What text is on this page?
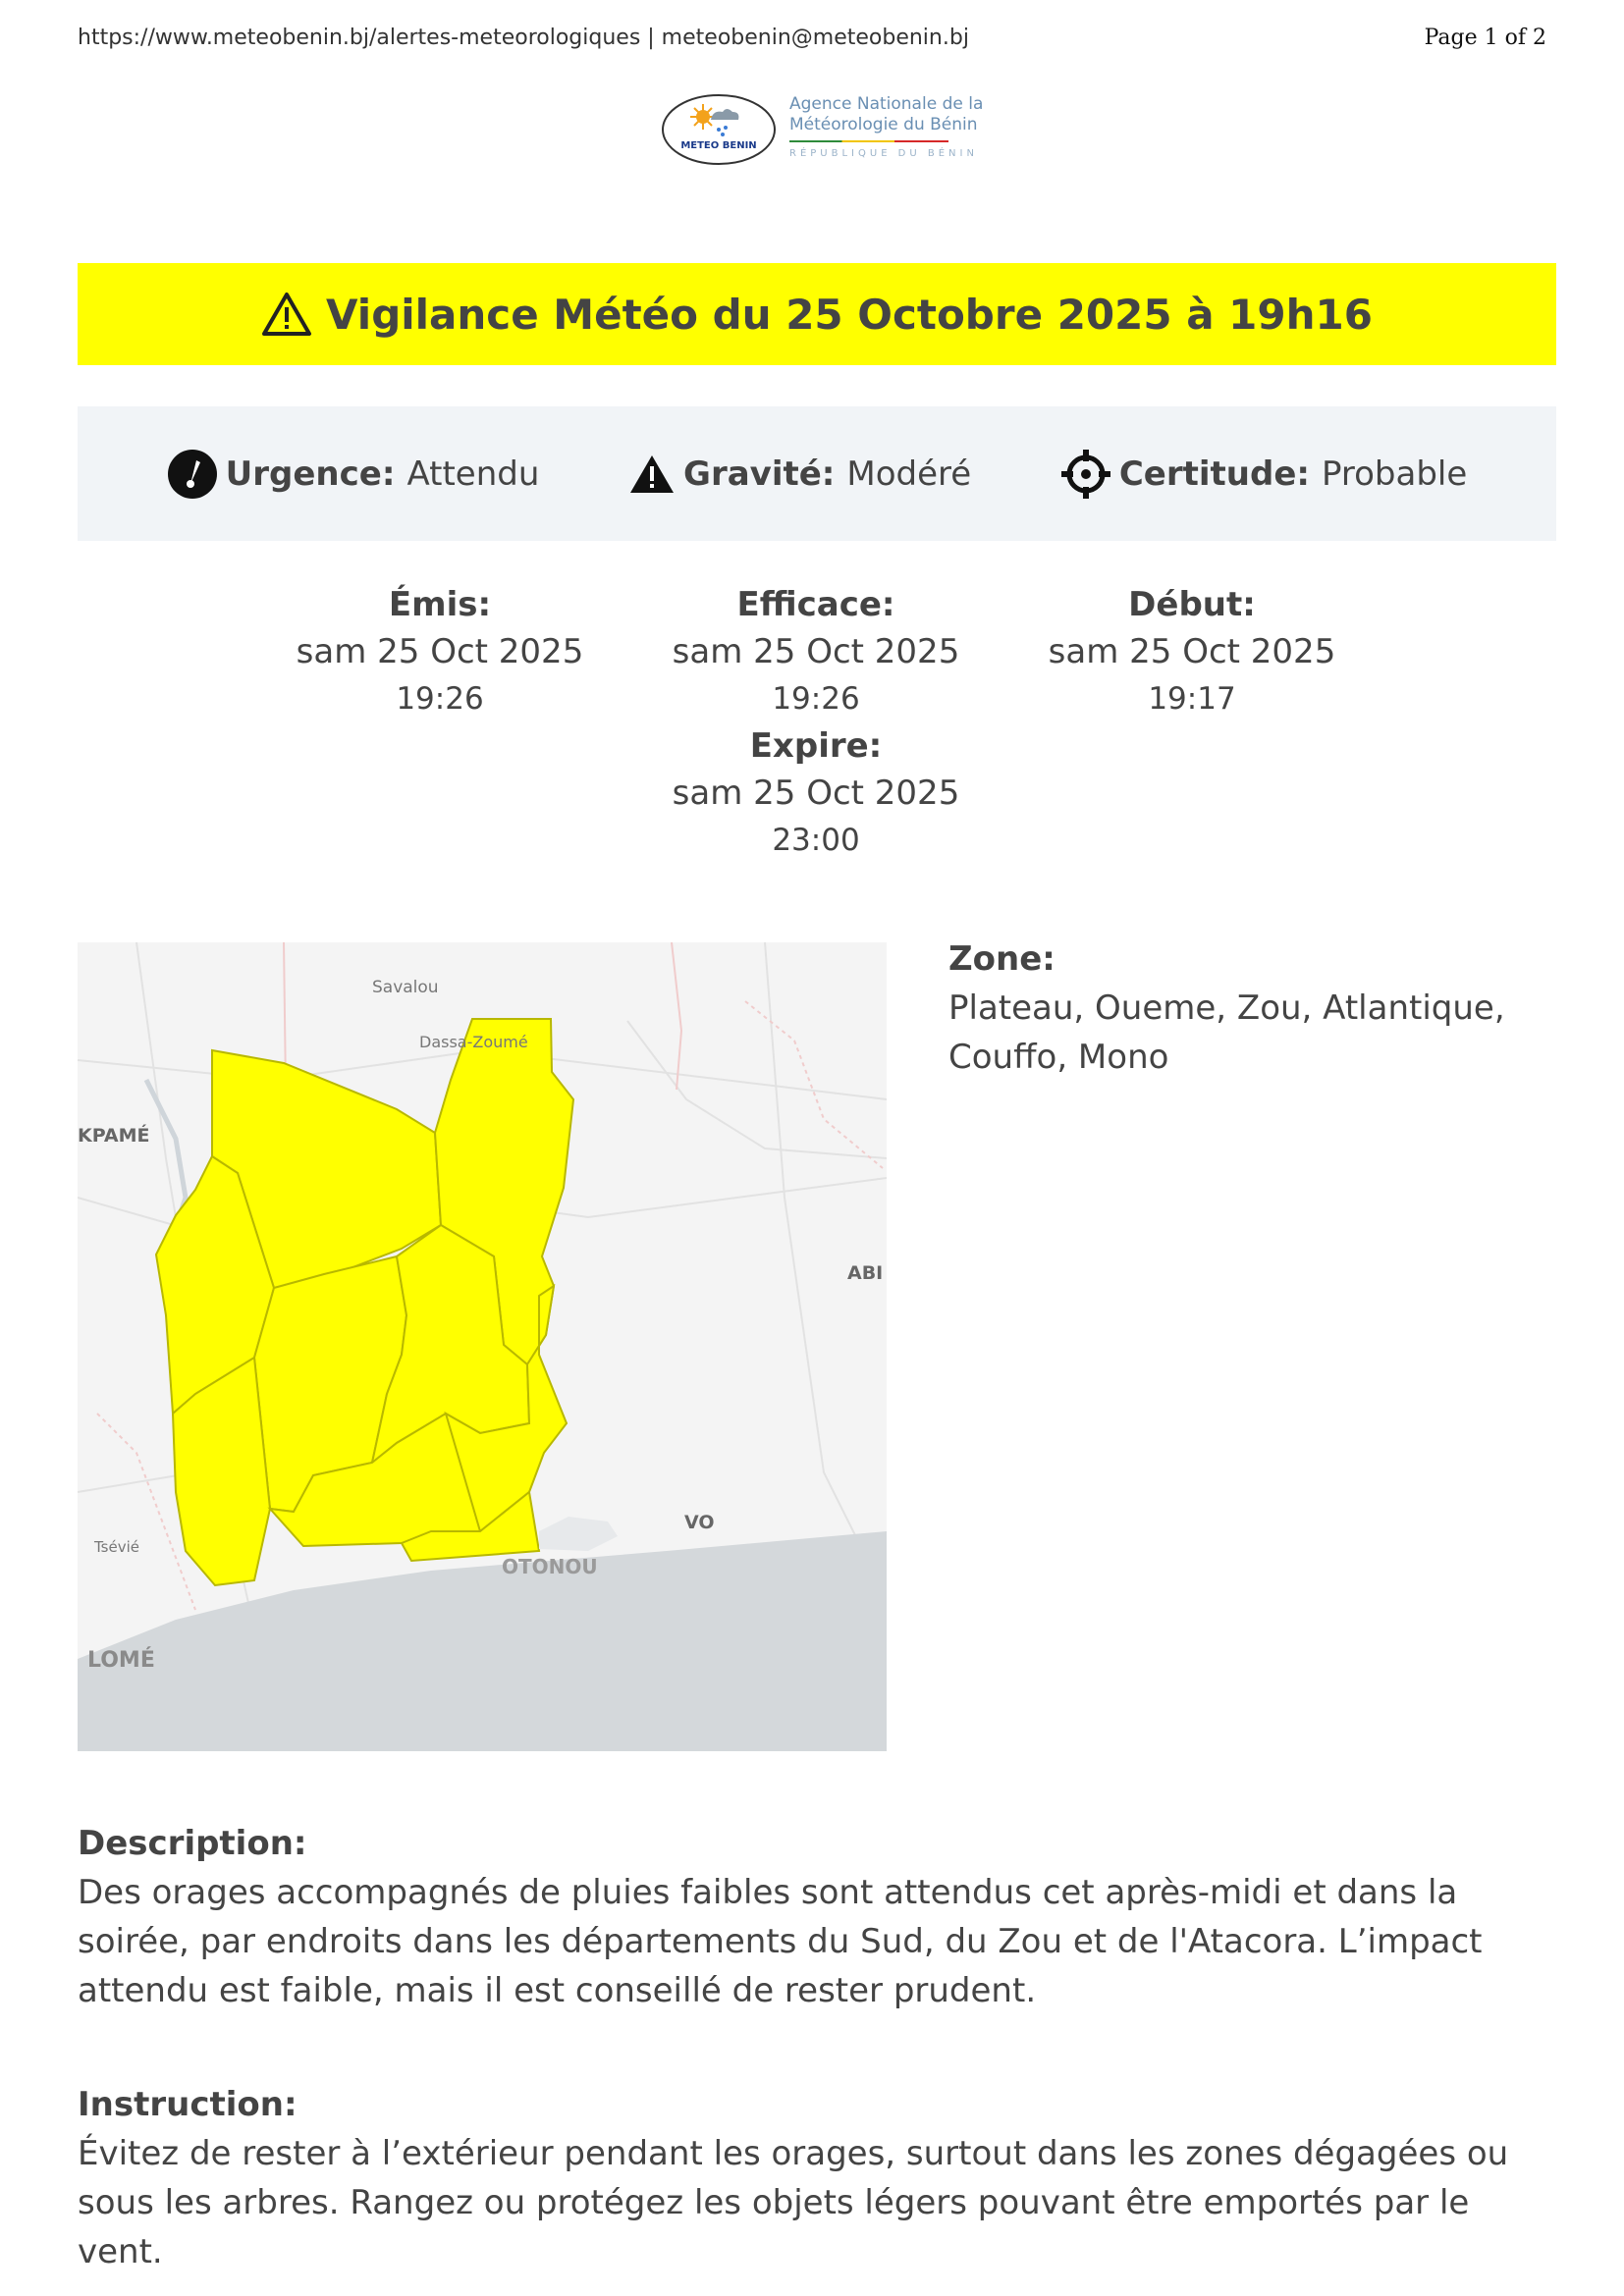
https://www.meteobenin.bj/alertes-meteorologiques | meteobenin@meteobenin.bj	Page 1 of 2
METEO BENIN
Agence Nationale de la
Météorologie du Bénin
RÉPUBLIQUE DU BÉNIN
Vigilance Météo du 25 Octobre 2025 à 19h16
Urgence: Attendu	Gravité: Modéré	Certitude: Probable
Émis:
sam 25 Oct 2025
19:26
Efficace:
sam 25 Oct 2025
19:26
Expire:
sam 25 Oct 2025
23:00
Début:
sam 25 Oct 2025
19:17
Savalou
Dassa-Zoumé
KPAMÉ
ABI
VO
Tsévié
LOMÉ
OTONOU
Zone:
Plateau, Oueme, Zou, Atlantique, Couffo, Mono
Description:
Des orages accompagnés de pluies faibles sont attendus cet après-midi et dans la soirée, par endroits dans les départements du Sud, du Zou et de l'Atacora. L’impact attendu est faible, mais il est conseillé de rester prudent.
Instruction:
Évitez de rester à l’extérieur pendant les orages, surtout dans les zones dégagées ou sous les arbres. Rangez ou protégez les objets légers pouvant être emportés par le vent.
